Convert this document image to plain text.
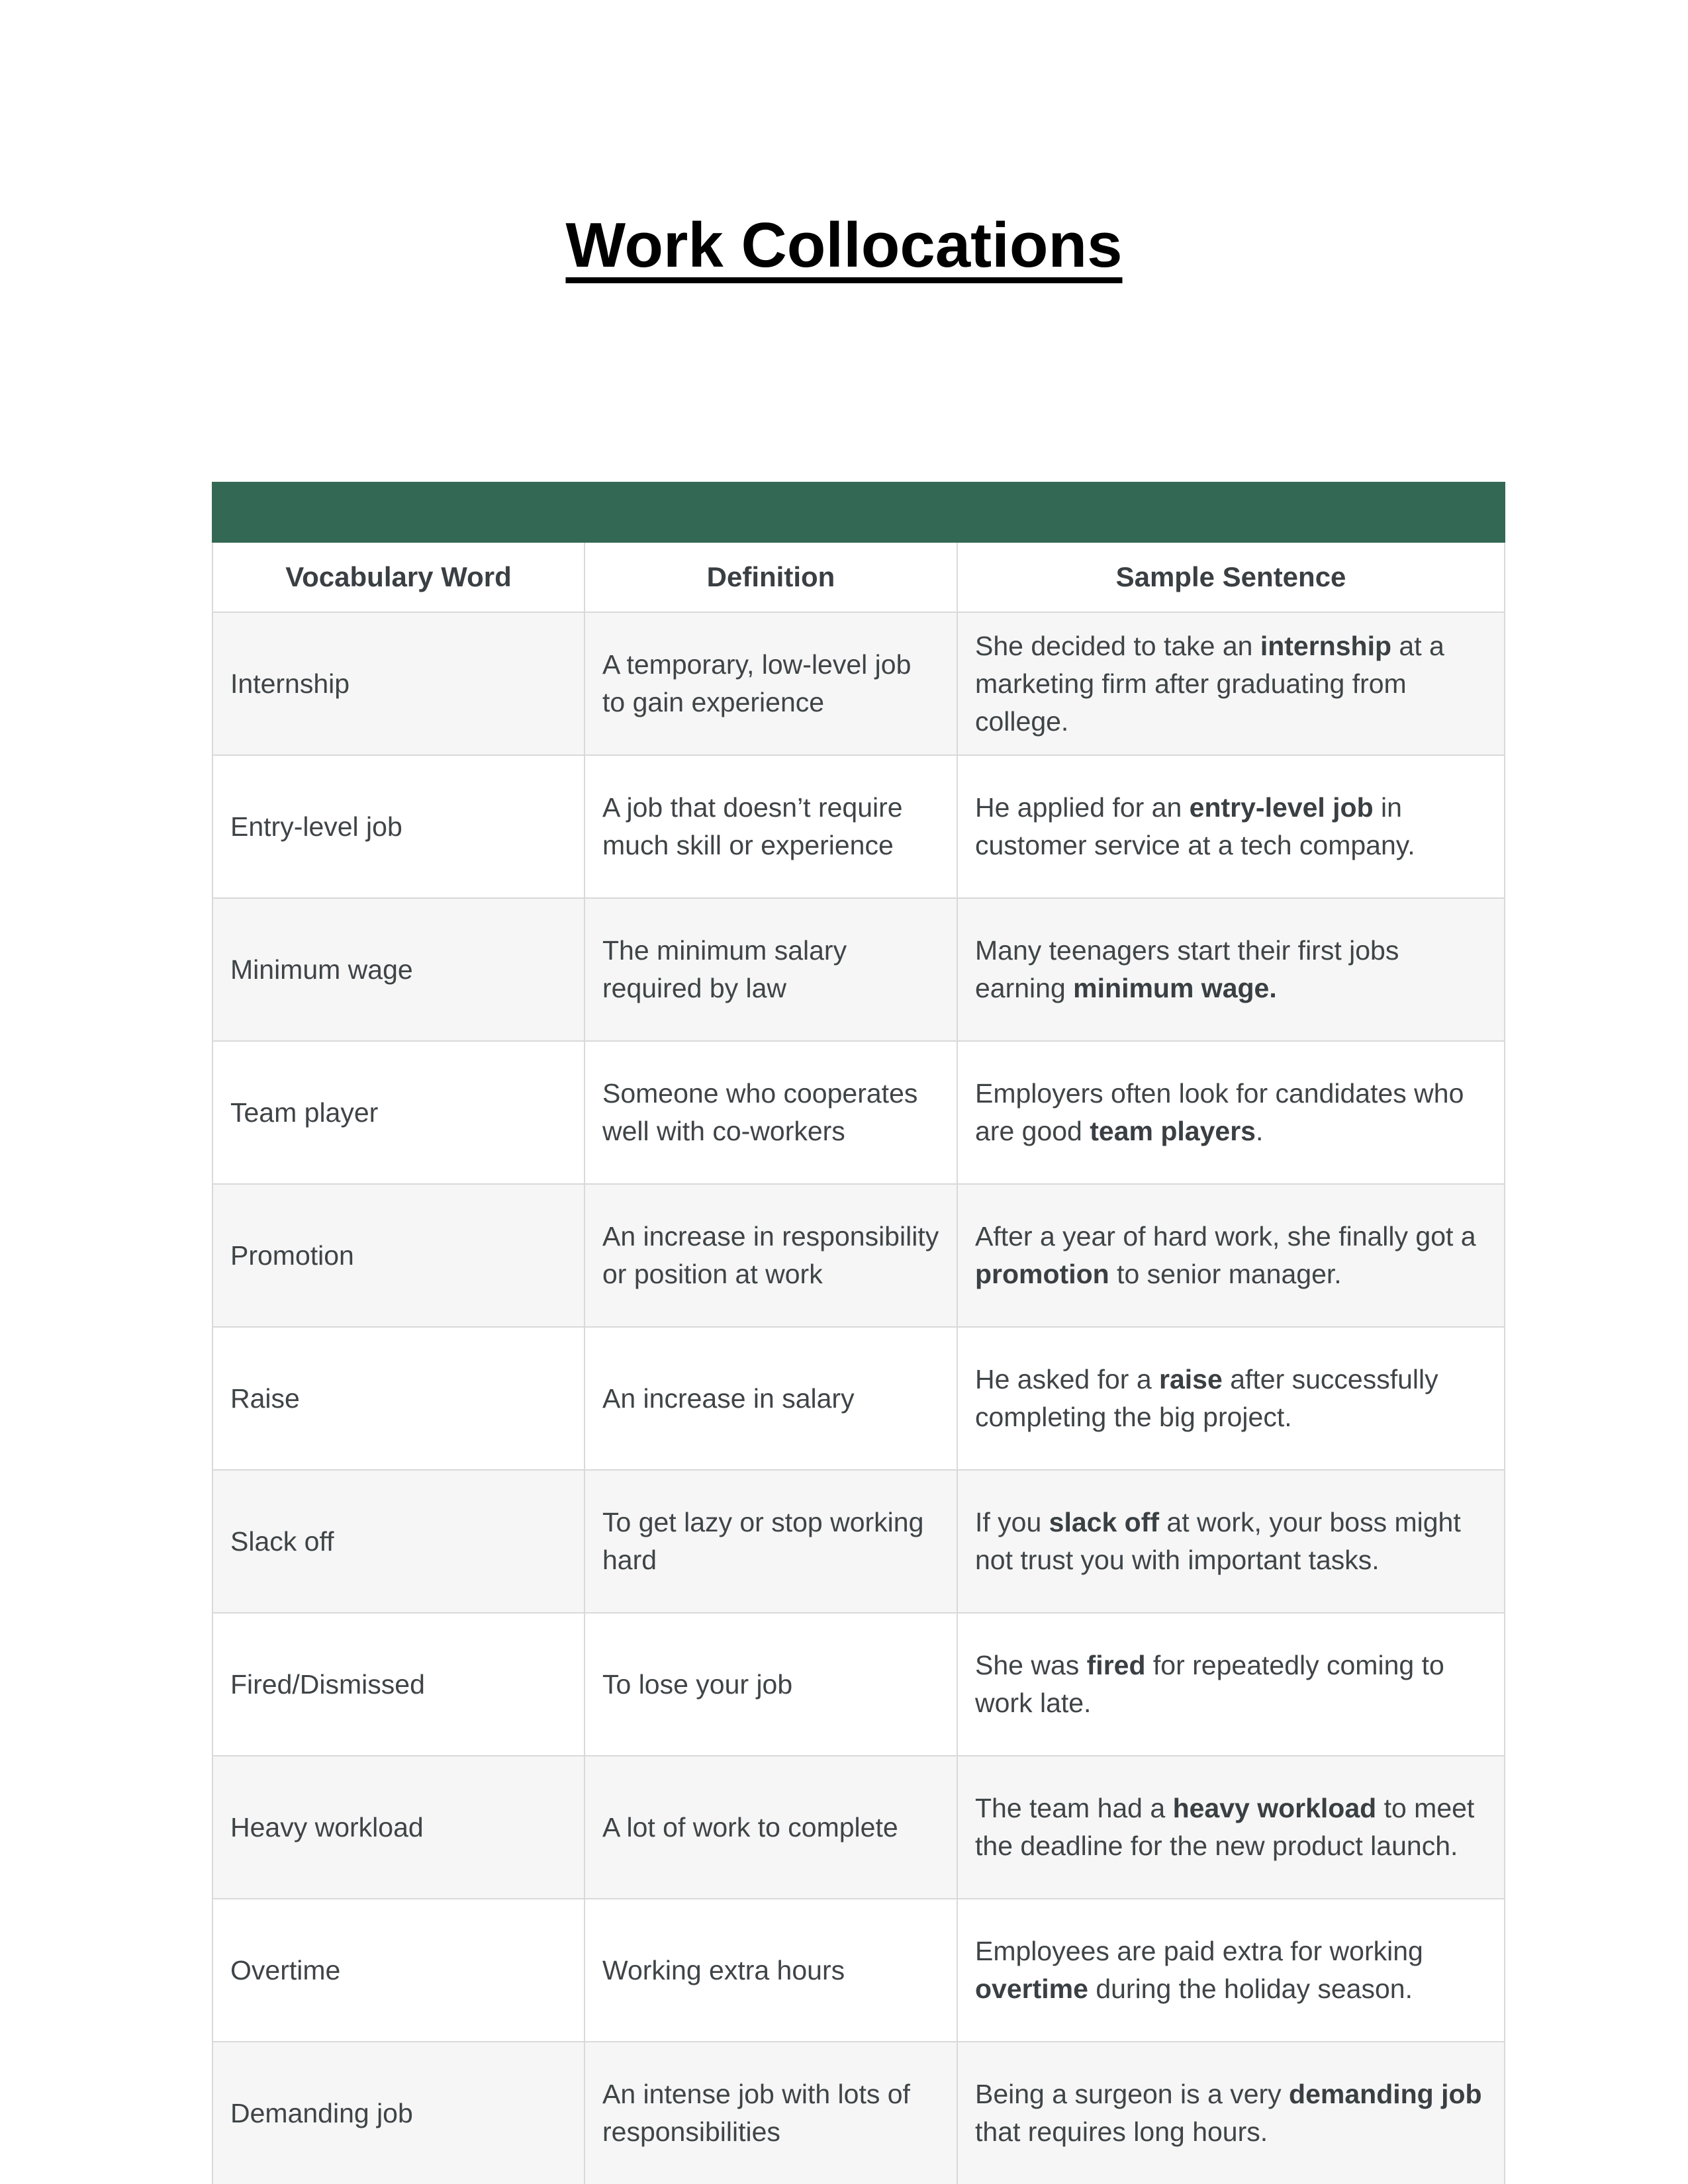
Work Collocations

Vocabulary Word	Definition	Sample Sentence
Internship	A temporary, low-level job to gain experience	She decided to take an internship at a marketing firm after graduating from college.
Entry-level job	A job that doesn’t require much skill or experience	He applied for an entry-level job in customer service at a tech company.
Minimum wage	The minimum salary required by law	Many teenagers start their first jobs earning minimum wage.
Team player	Someone who cooperates well with co-workers	Employers often look for candidates who are good team players.
Promotion	An increase in responsibility or position at work	After a year of hard work, she finally got a promotion to senior manager.
Raise	An increase in salary	He asked for a raise after successfully completing the big project.
Slack off	To get lazy or stop working hard	If you slack off at work, your boss might not trust you with important tasks.
Fired/Dismissed	To lose your job	She was fired for repeatedly coming to work late.
Heavy workload	A lot of work to complete	The team had a heavy workload to meet the deadline for the new product launch.
Overtime	Working extra hours	Employees are paid extra for working overtime during the holiday season.
Demanding job	An intense job with lots of responsibilities	Being a surgeon is a very demanding job that requires long hours.
